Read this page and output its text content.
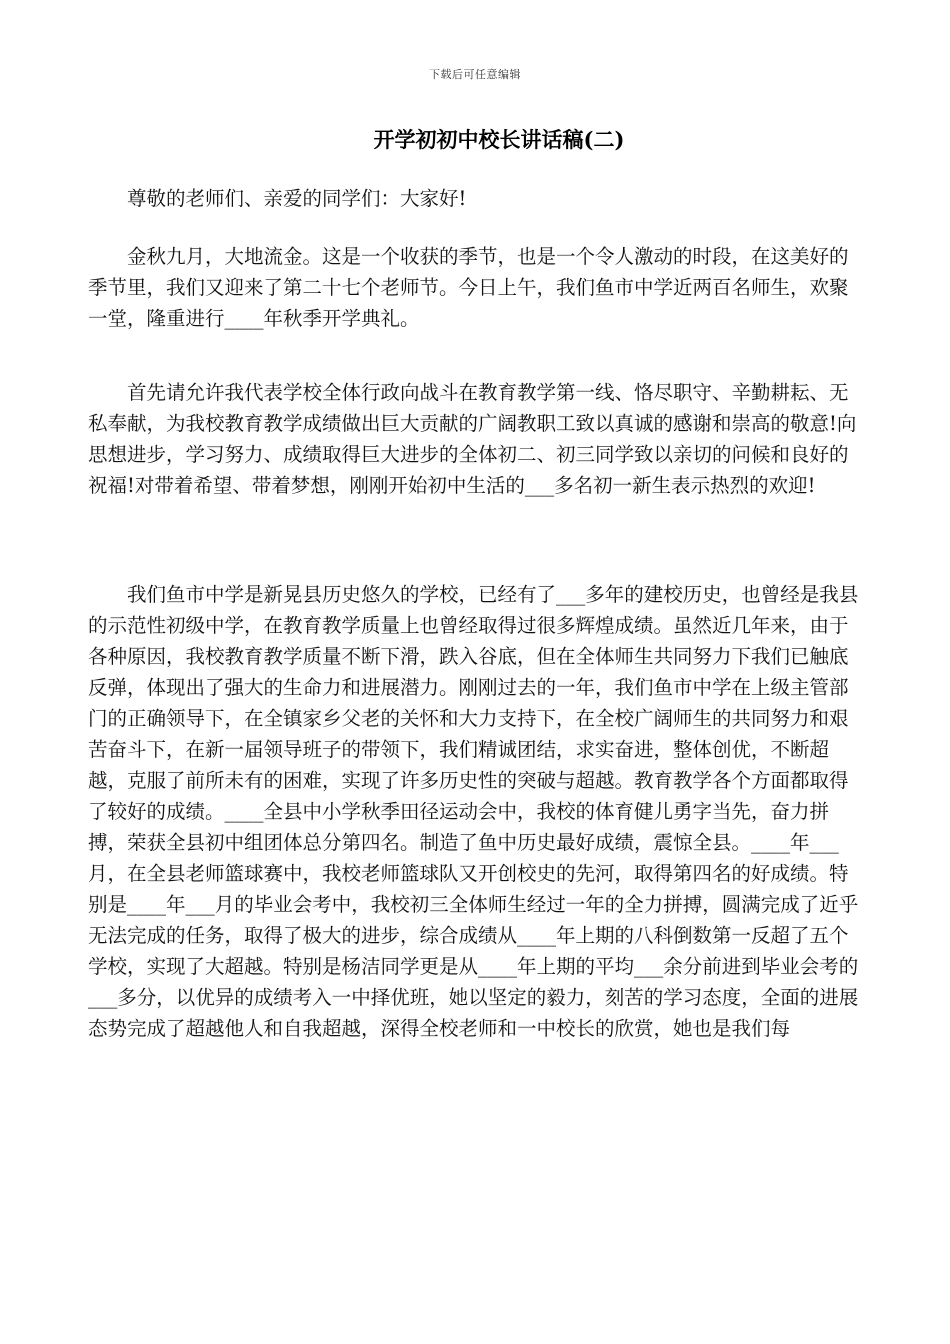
下载后可任意编辑
开学初初中校长讲话稿(二)

尊敬的老师们、亲爱的同学们：大家好!

金秋九月，大地流金。这是一个收获的季节，也是一个令人激动的时段，在这美好的季节里，我们又迎来了第二十七个老师节。今日上午，我们鱼市中学近两百名师生，欢聚一堂，隆重进行____年秋季开学典礼。

首先请允许我代表学校全体行政向战斗在教育教学第一线、恪尽职守、辛勤耕耘、无私奉献，为我校教育教学成绩做出巨大贡献的广阔教职工致以真诚的感谢和崇高的敬意!向思想进步，学习努力、成绩取得巨大进步的全体初二、初三同学致以亲切的问候和良好的祝福!对带着希望、带着梦想，刚刚开始初中生活的___多名初一新生表示热烈的欢迎!

我们鱼市中学是新晃县历史悠久的学校，已经有了___多年的建校历史，也曾经是我县的示范性初级中学，在教育教学质量上也曾经取得过很多辉煌成绩。虽然近几年来，由于各种原因，我校教育教学质量不断下滑，跌入谷底，但在全体师生共同努力下我们已触底反弹，体现出了强大的生命力和进展潜力。刚刚过去的一年，我们鱼市中学在上级主管部门的正确领导下，在全镇家乡父老的关怀和大力支持下，在全校广阔师生的共同努力和艰苦奋斗下，在新一届领导班子的带领下，我们精诚团结，求实奋进，整体创优，不断超越，克服了前所未有的困难，实现了许多历史性的突破与超越。教育教学各个方面都取得了较好的成绩。____全县中小学秋季田径运动会中，我校的体育健儿勇字当先，奋力拼搏，荣获全县初中组团体总分第四名。制造了鱼中历史最好成绩，震惊全县。____年___月，在全县老师篮球赛中，我校老师篮球队又开创校史的先河，取得第四名的好成绩。特别是____年___月的毕业会考中，我校初三全体师生经过一年的全力拼搏，圆满完成了近乎无法完成的任务，取得了极大的进步，综合成绩从____年上期的八科倒数第一反超了五个学校，实现了大超越。特别是杨洁同学更是从____年上期的平均___余分前进到毕业会考的___多分，以优异的成绩考入一中择优班，她以坚定的毅力，刻苦的学习态度，全面的进展态势完成了超越他人和自我超越，深得全校老师和一中校长的欣赏，她也是我们每
